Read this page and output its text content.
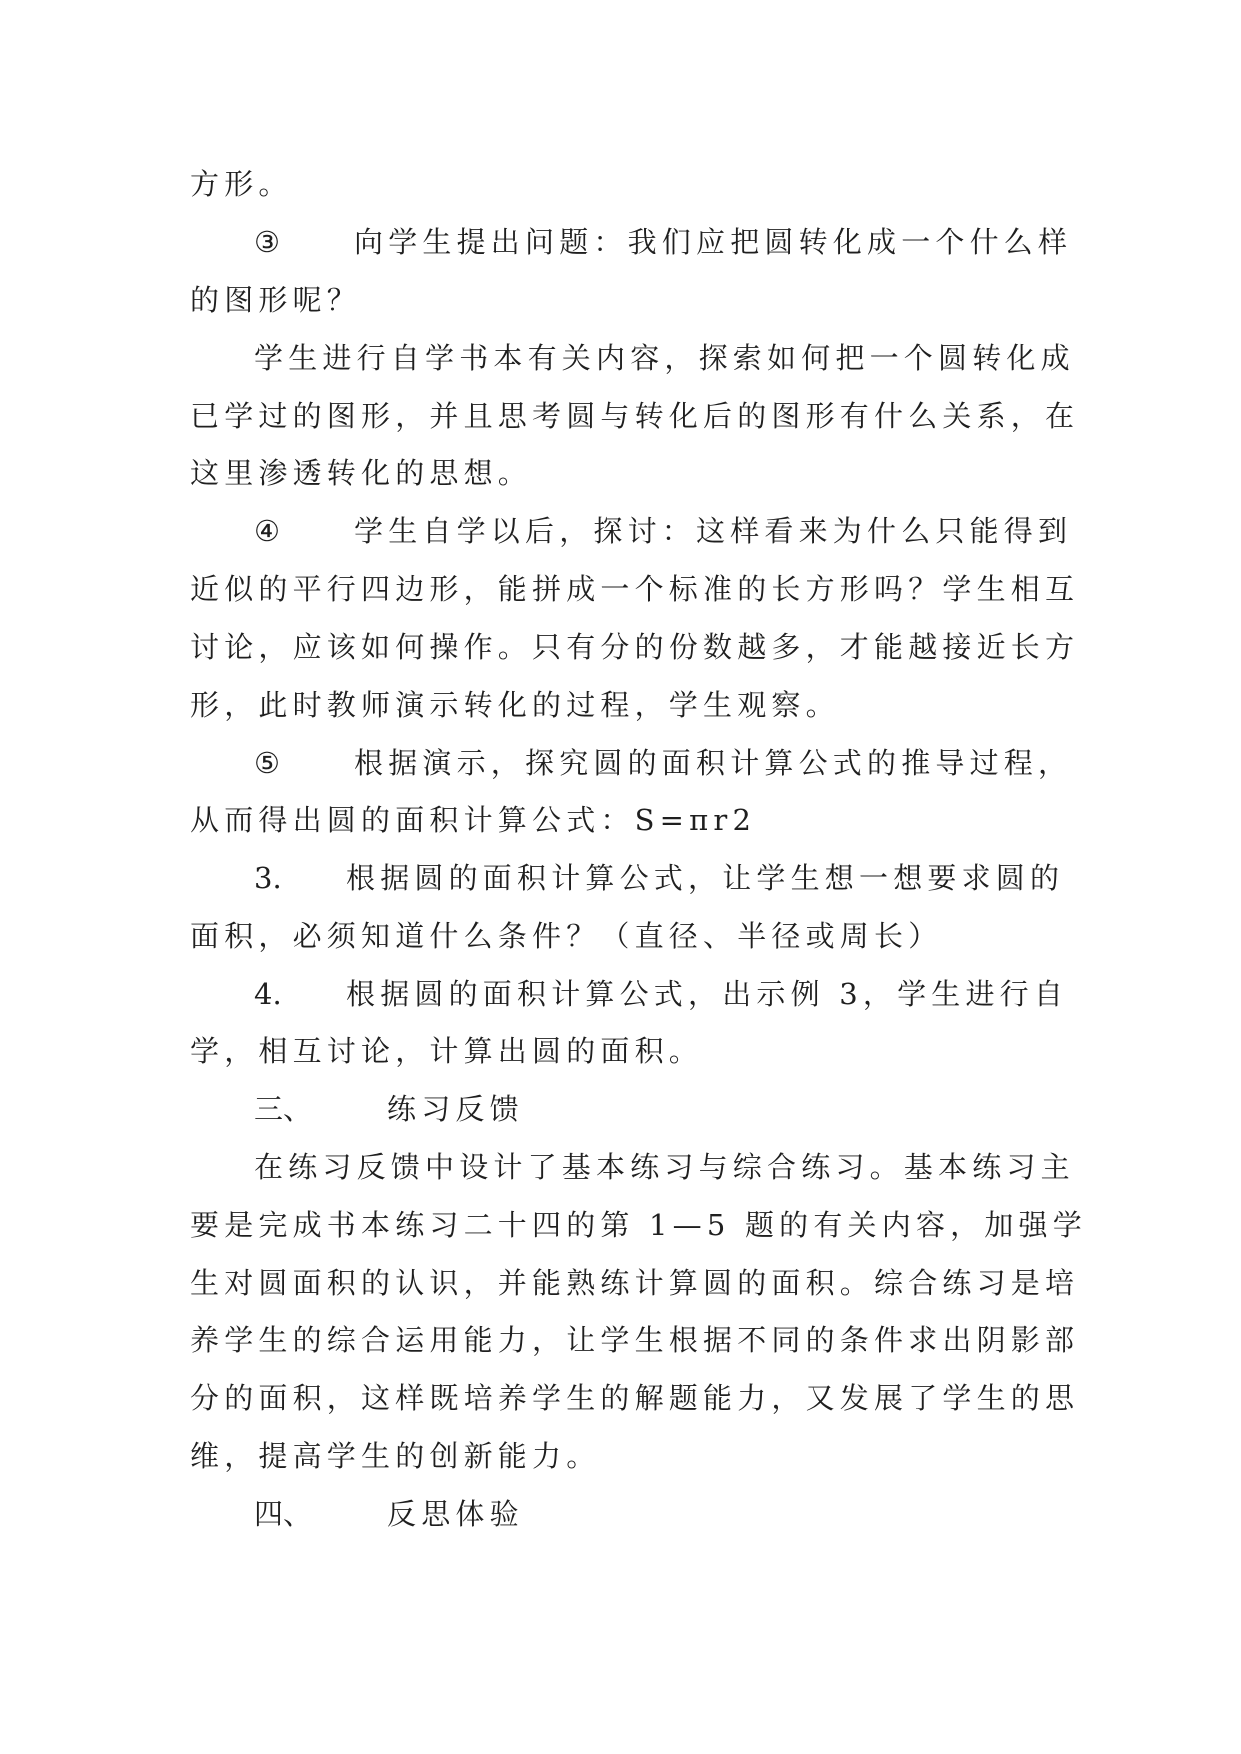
方形。
③	向学生提出问题：我们应把圆转化成一个什么样
的图形呢？
学生进行自学书本有关内容，探索如何把一个圆转化成
已学过的图形，并且思考圆与转化后的图形有什么关系，在
这里渗透转化的思想。
④	学生自学以后，探讨：这样看来为什么只能得到
近似的平行四边形，能拼成一个标准的长方形吗？学生相互
讨论，应该如何操作。只有分的份数越多，才能越接近长方
形，此时教师演示转化的过程，学生观察。
⑤	根据演示，探究圆的面积计算公式的推导过程，
从而得出圆的面积计算公式：S=πr2
3. 根据圆的面积计算公式，让学生想一想要求圆的
面积，必须知道什么条件？（直径、半径或周长）
4. 根据圆的面积计算公式，出示例 3，学生进行自
学，相互讨论，计算出圆的面积。
三、	练习反馈
在练习反馈中设计了基本练习与综合练习。基本练习主
要是完成书本练习二十四的第 1—5 题的有关内容，加强学
生对圆面积的认识，并能熟练计算圆的面积。综合练习是培
养学生的综合运用能力，让学生根据不同的条件求出阴影部
分的面积，这样既培养学生的解题能力，又发展了学生的思
维，提高学生的创新能力。
四、	反思体验
